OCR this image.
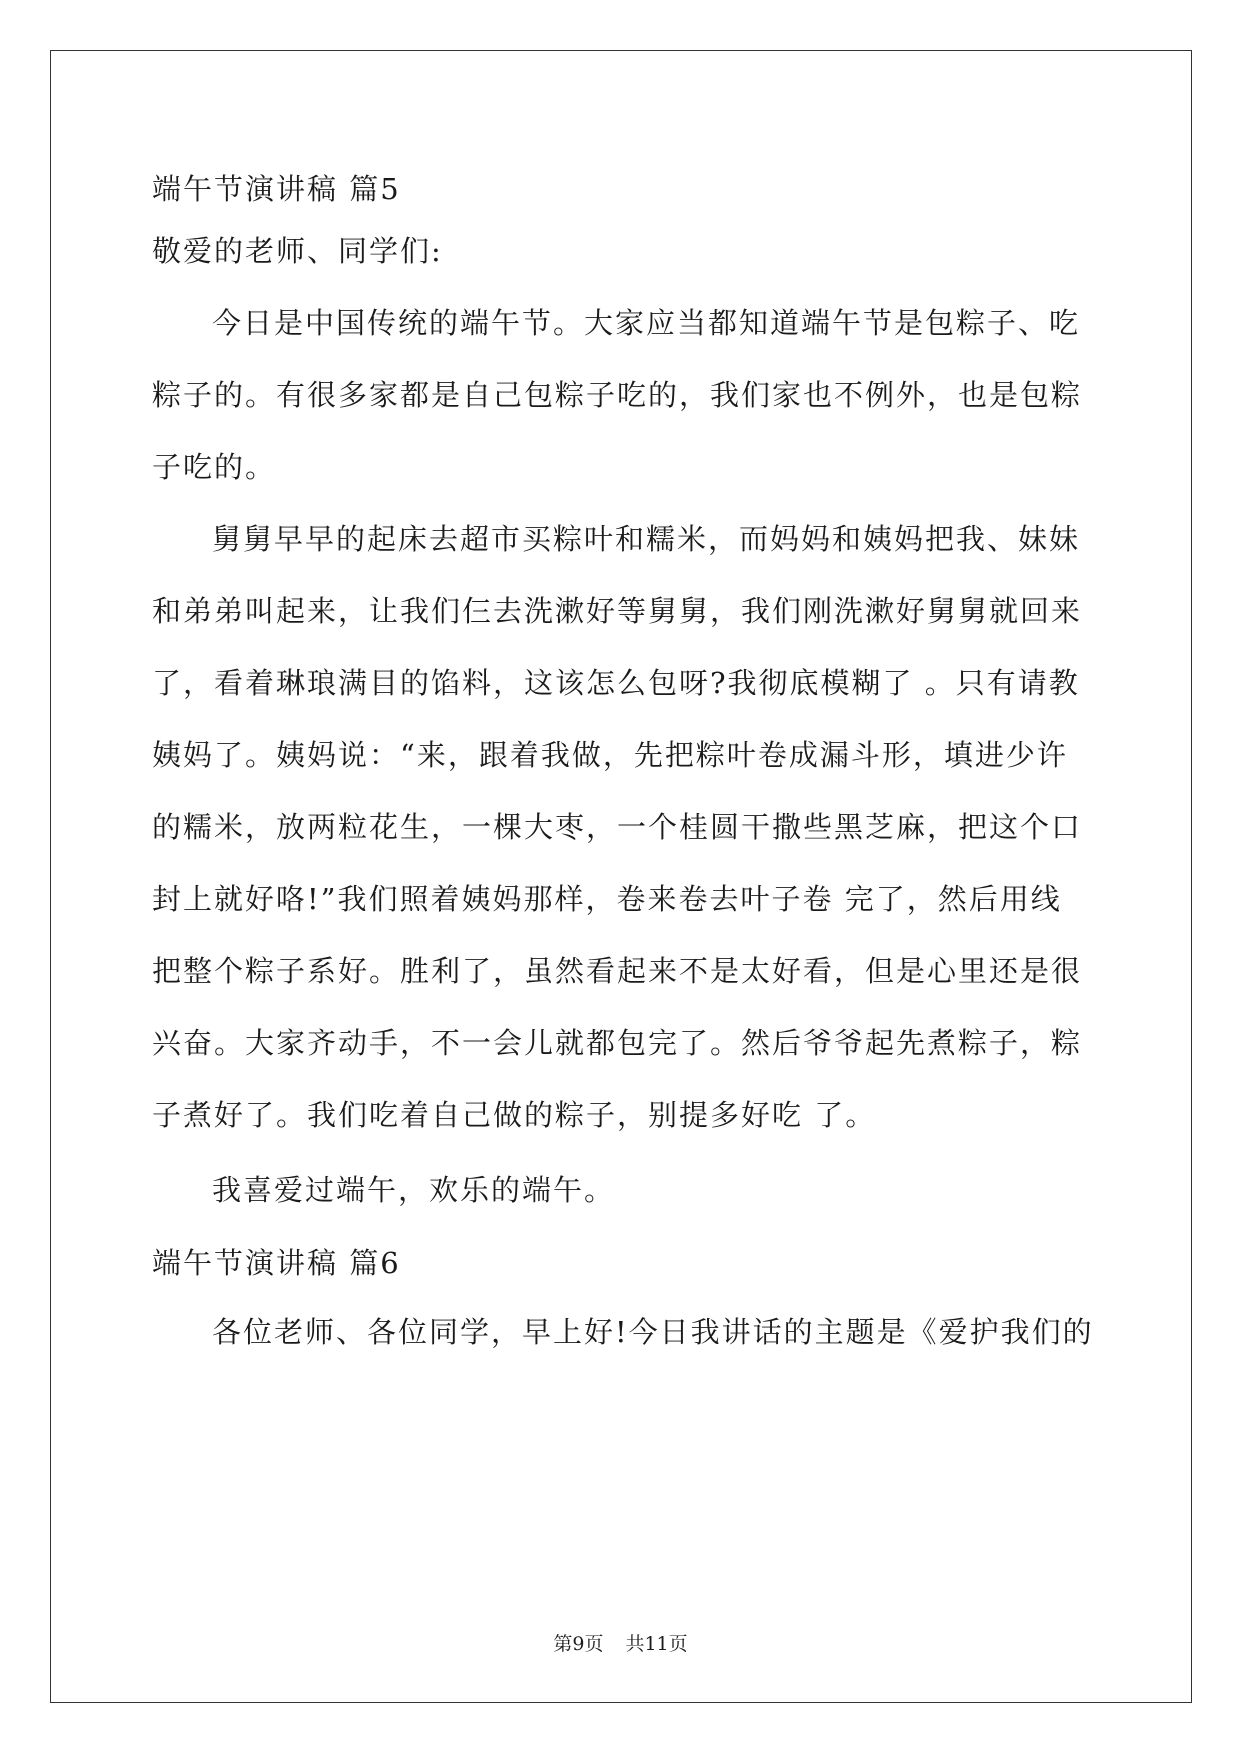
端午节演讲稿 篇5

敬爱的老师、同学们:

今日是中国传统的端午节。大家应当都知道端午节是包粽子、吃

粽子的。有很多家都是自己包粽子吃的，我们家也不例外，也是包粽

子吃的。

舅舅早早的起床去超市买粽叶和糯米，而妈妈和姨妈把我、妹妹

和弟弟叫起来，让我们仨去洗漱好等舅舅，我们刚洗漱好舅舅就回来

了，看着琳琅满目的馅料，这该怎么包呀?我彻底模糊了 。只有请教

姨妈了。姨妈说：“来，跟着我做，先把粽叶卷成漏斗形，填进少许

的糯米，放两粒花生，一棵大枣，一个桂圆干撒些黑芝麻，把这个口

封上就好咯!”我们照着姨妈那样，卷来卷去叶子卷 完了，然后用线

把整个粽子系好。胜利了，虽然看起来不是太好看，但是心里还是很

兴奋。大家齐动手，不一会儿就都包完了。然后爷爷起先煮粽子，粽

子煮好了。我们吃着自己做的粽子，别提多好吃 了。

我喜爱过端午，欢乐的端午。

端午节演讲稿 篇6

各位老师、各位同学，早上好!今日我讲话的主题是《爱护我们的

第9页 共11页
